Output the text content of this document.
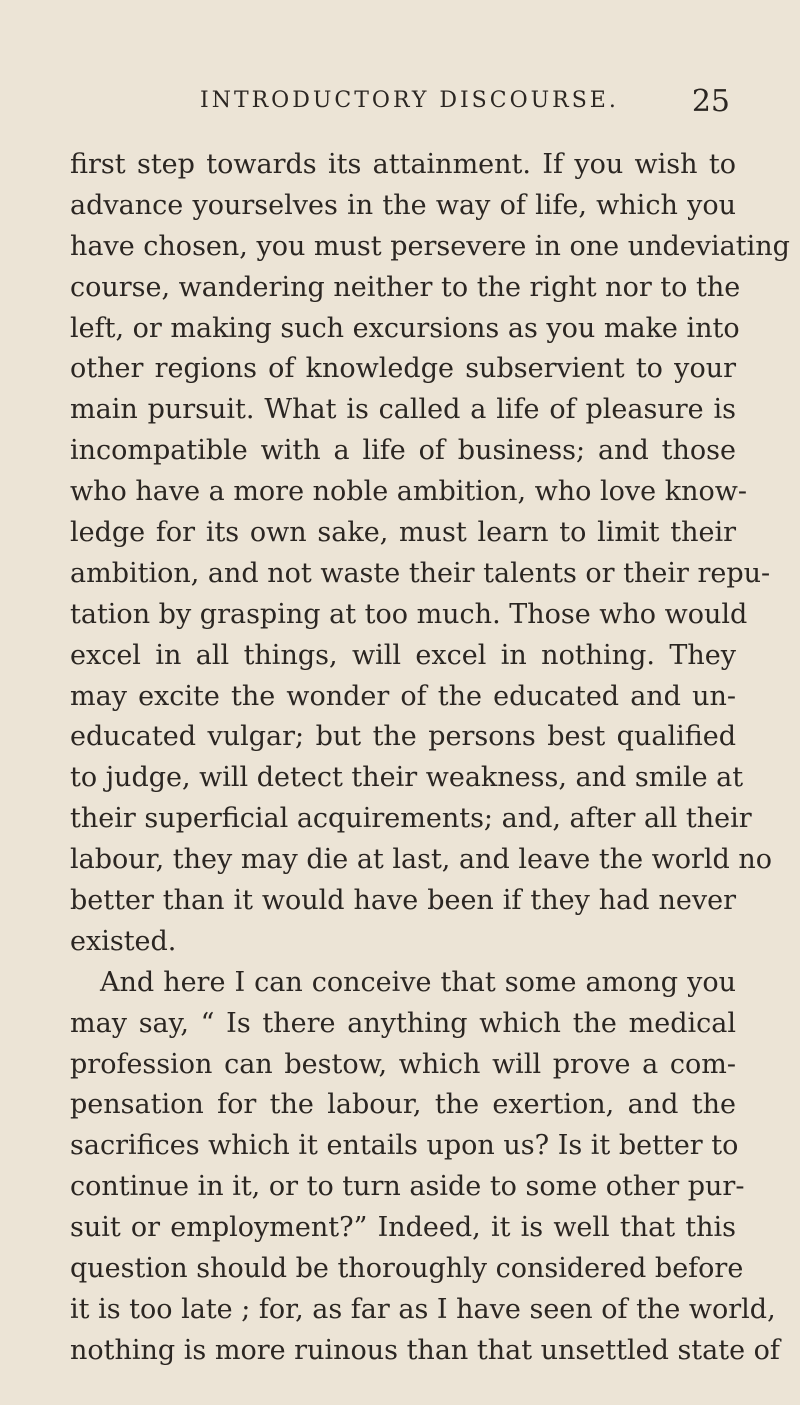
INTRODUCTORY DISCOURSE. 25
first step towards its attainment. If you wish to
advance yourselves in the way of life, which you
have chosen, you must persevere in one undeviating
course, wandering neither to the right nor to the
left, or making such excursions as you make into
other regions of knowledge subservient to your
main pursuit. What is called a life of pleasure is
incompatible with a life of business; and those
who have a more noble ambition, who love know-
ledge for its own sake, must learn to limit their
ambition, and not waste their talents or their repu-
tation by grasping at too much. Those who would
excel in all things, will excel in nothing. They
may excite the wonder of the educated and un-
educated vulgar; but the persons best qualified
to judge, will detect their weakness, and smile at
their superficial acquirements; and, after all their
labour, they may die at last, and leave the world no
better than it would have been if they had never
existed.
And here I can conceive that some among you
may say, “ Is there anything which the medical
profession can bestow, which will prove a com-
pensation for the labour, the exertion, and the
sacrifices which it entails upon us? Is it better to
continue in it, or to turn aside to some other pur-
suit or employment?” Indeed, it is well that this
question should be thoroughly considered before
it is too late ; for, as far as I have seen of the world,
nothing is more ruinous than that unsettled state of
